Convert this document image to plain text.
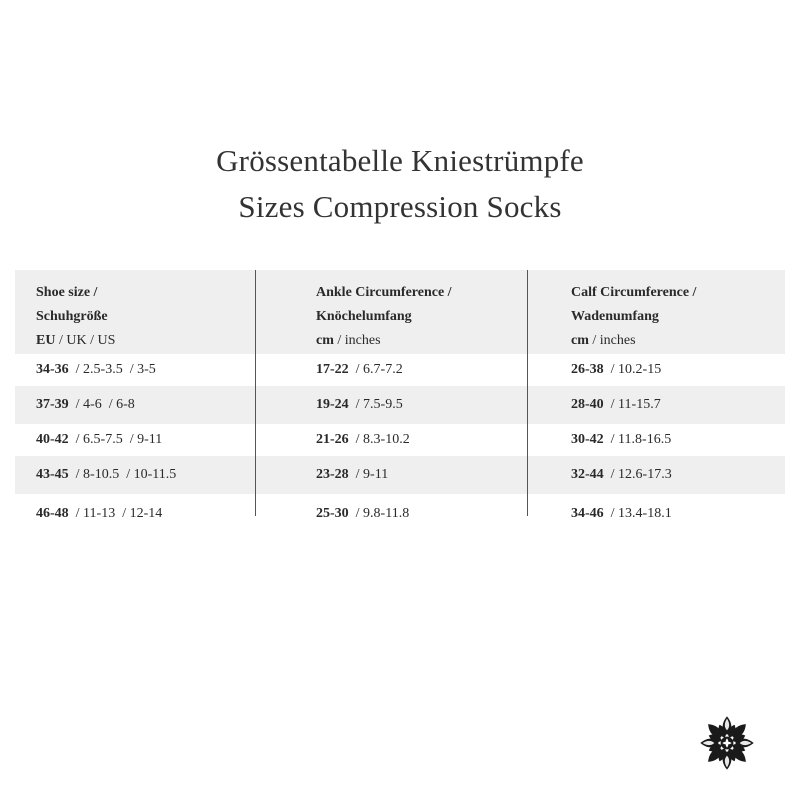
Grössentabelle Kniestrümpfe
Sizes Compression Socks
Shoe size /
Schuhgröße
EU / UK / US
Ankle Circumference /
Knöchelumfang
cm / inches
Calf Circumference /
Wadenumfang
cm / inches
34-36  / 2.5-3.5  / 3-5	17-22  / 6.7-7.2	26-38  / 10.2-15
37-39  / 4-6  / 6-8	19-24  / 7.5-9.5	28-40  / 11-15.7
40-42  / 6.5-7.5  / 9-11	21-26  / 8.3-10.2	30-42  / 11.8-16.5
43-45  / 8-10.5  / 10-11.5	23-28  / 9-11	32-44  / 12.6-17.3
46-48  / 11-13  / 12-14	25-30  / 9.8-11.8	34-46  / 13.4-18.1
